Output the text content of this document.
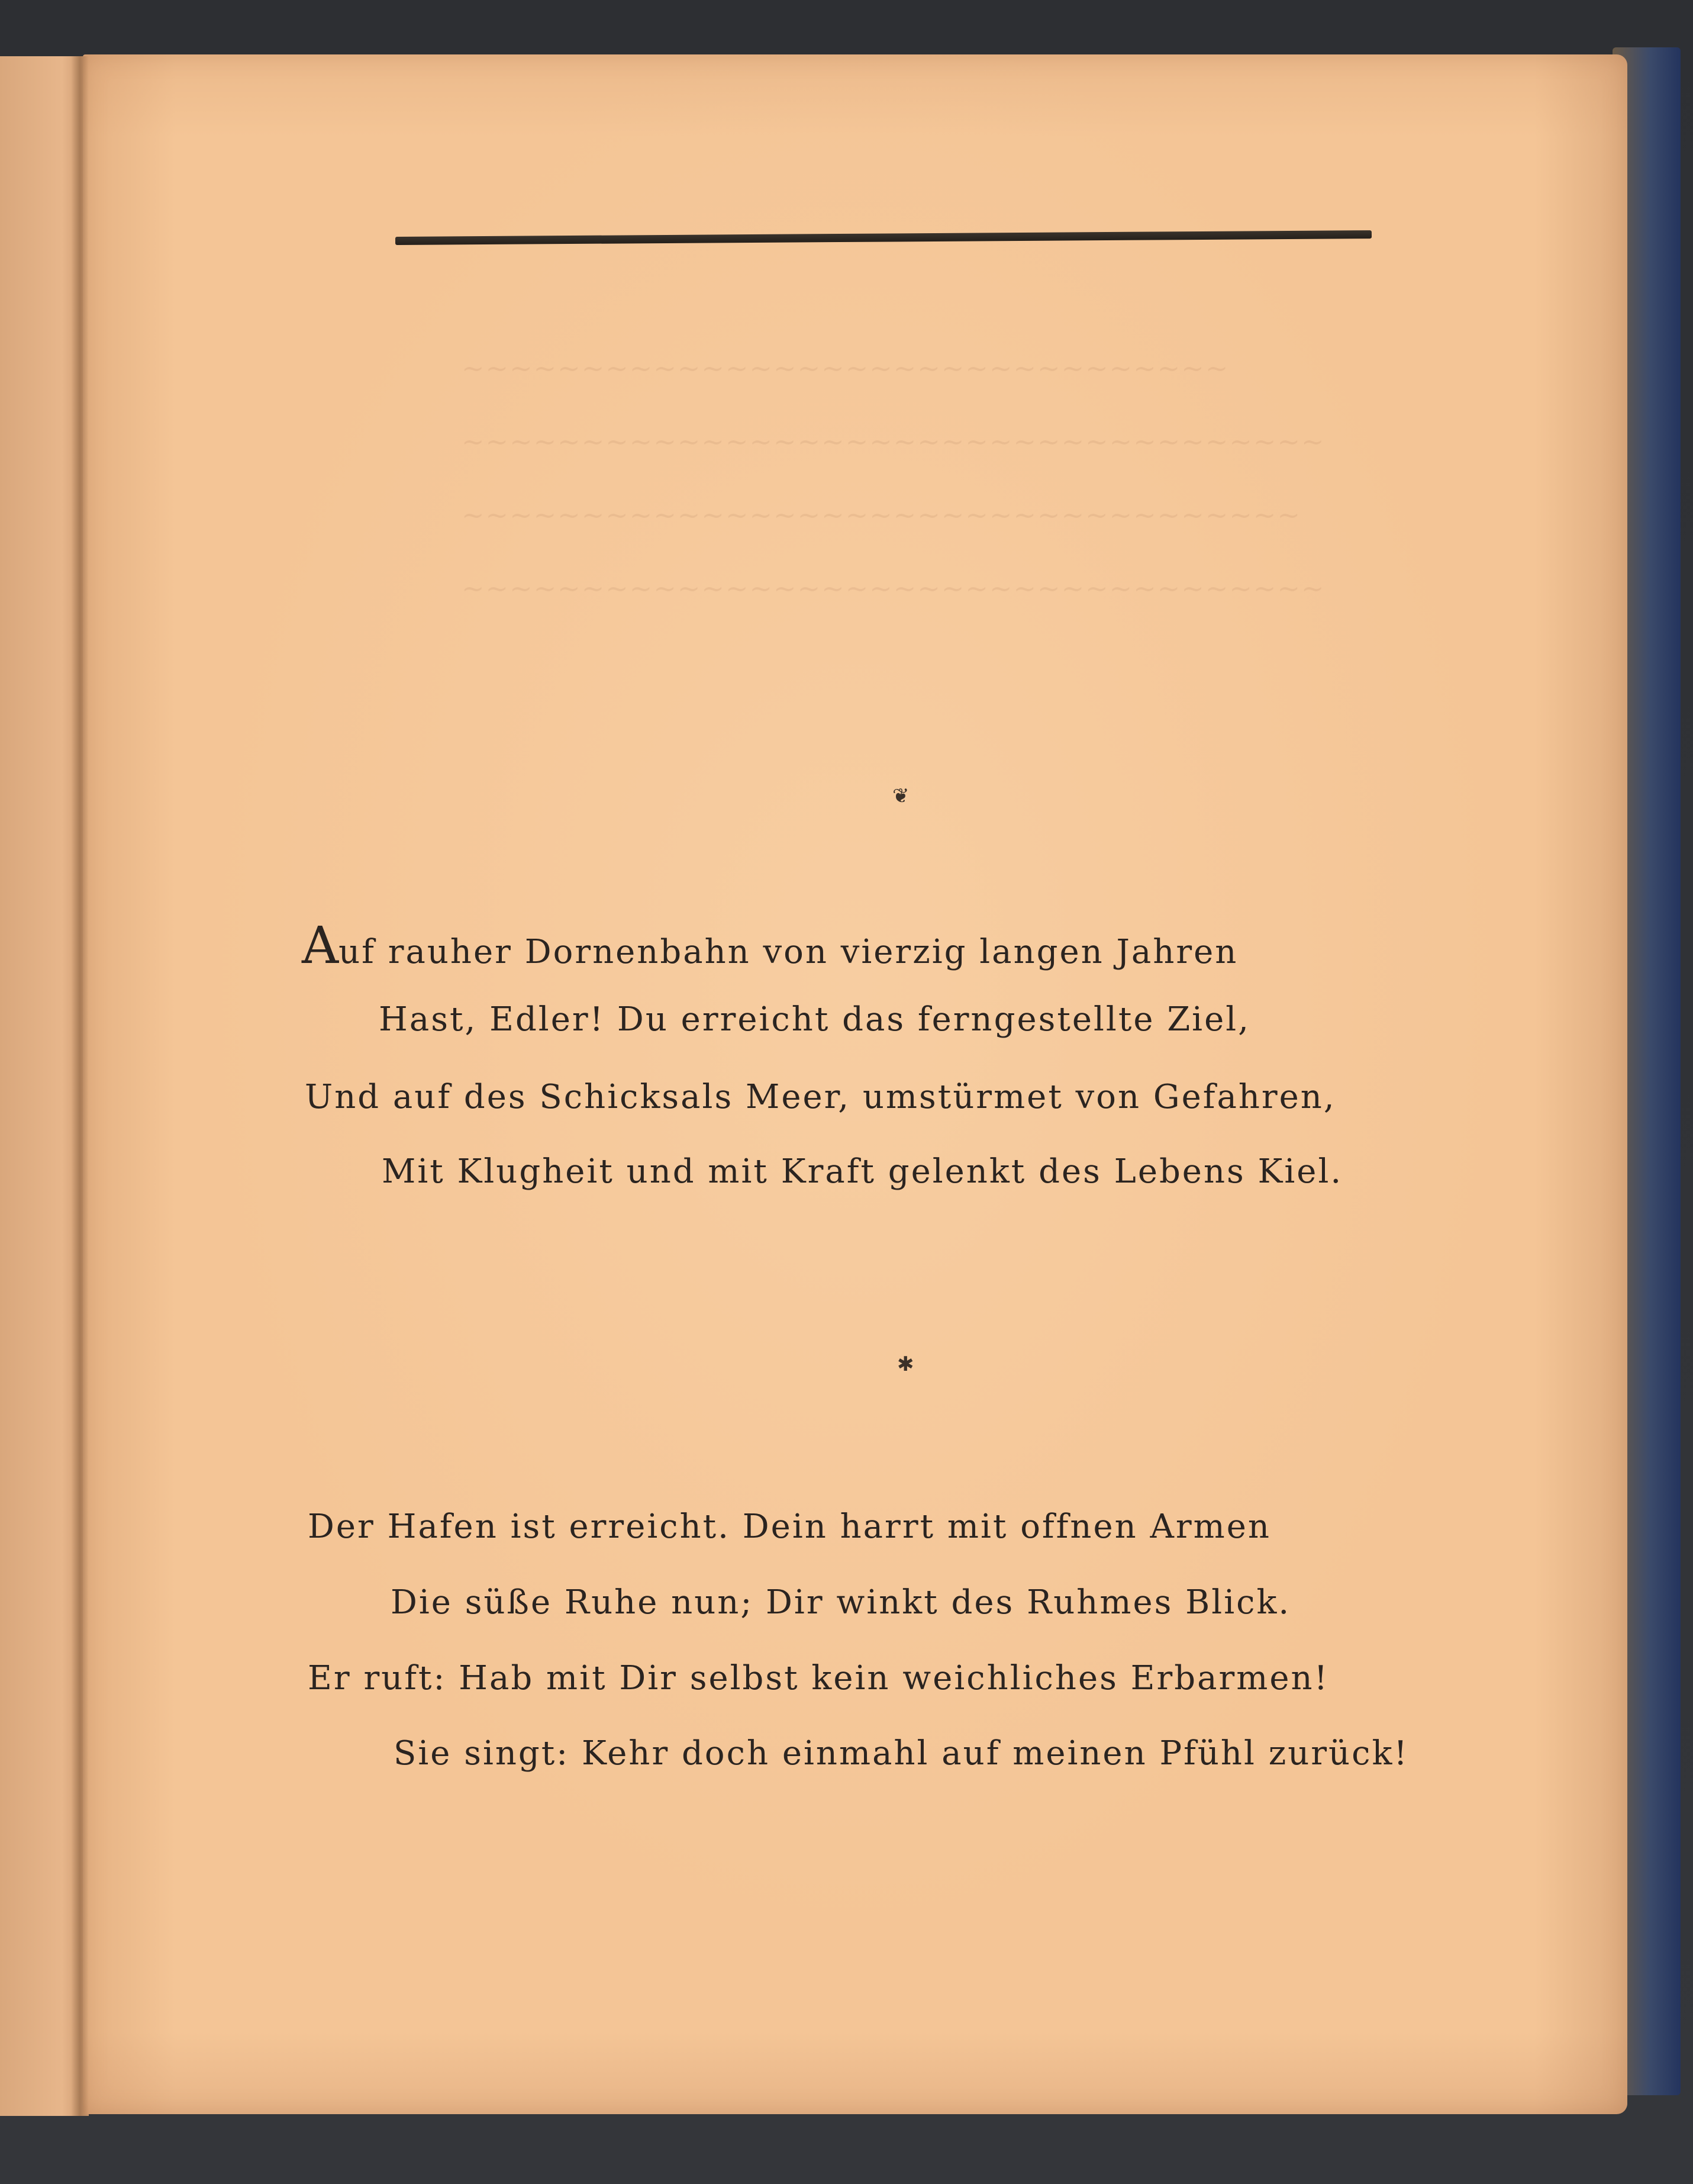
❦
Auf rauher Dornenbahn von vierzig langen Jahren
Hast, Edler! Du erreicht das ferngestellte Ziel,
Und auf des Schicksals Meer, umstürmet von Gefahren,
Mit Klugheit und mit Kraft gelenkt des Lebens Kiel.
✱
Der Hafen ist erreicht. Dein harrt mit offnen Armen
Die süße Ruhe nun; Dir winkt des Ruhmes Blick.
Er ruft: Hab mit Dir selbst kein weichliches Erbarmen!
Sie singt: Kehr doch einmahl auf meinen Pfühl zurück!
